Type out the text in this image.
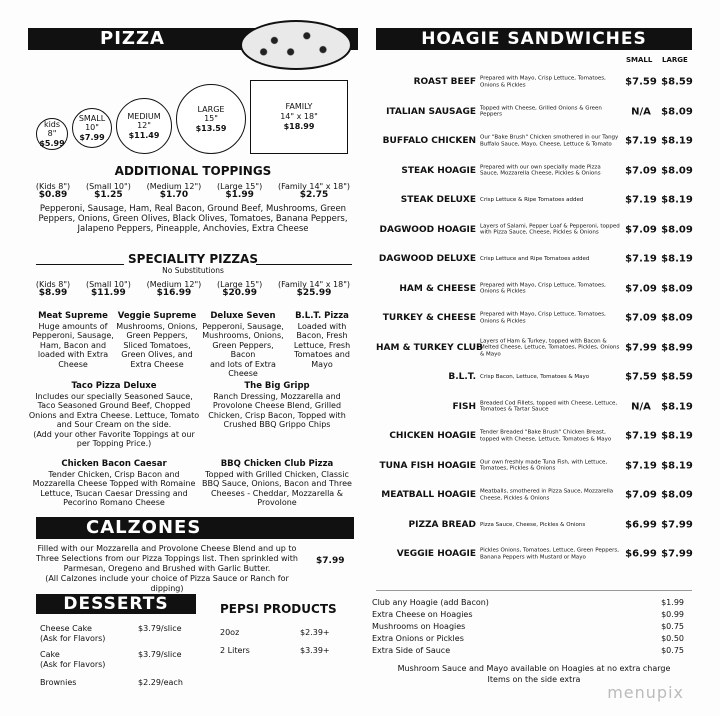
PIZZA
kids
8"
$5.99
SMALL
10"
$7.99
MEDIUM
12"
$11.49
LARGE
15"
$13.59
FAMILY
14" x 18"
$18.99
ADDITIONAL TOPPINGS
(Kids 8")
$0.89
(Small 10")
$1.25
(Medium 12")
$1.70
(Large 15")
$1.99
(Family 14" x 18")
$2.75
Pepperoni, Sausage, Ham, Real Bacon, Ground Beef, Mushrooms, Green
Peppers, Onions, Green Olives, Black Olives, Tomatoes, Banana Peppers,
Jalapeno Peppers, Pineapple, Anchovies, Extra Cheese
SPECIALITY PIZZAS
No Substitutions
(Kids 8")
$8.99
(Small 10")
$11.99
(Medium 12")
$16.99
(Large 15")
$20.99
(Family 14" x 18")
$25.99
Meat Supreme
Huge amounts of
Pepperoni, Sausage,
Ham, Bacon and
loaded with Extra
Cheese
Veggie Supreme
Mushrooms, Onions,
Green Peppers,
Sliced Tomatoes,
Green Olives, and
Extra Cheese
Deluxe Seven
Pepperoni, Sausage,
Mushrooms, Onions,
Green Peppers, Bacon
and lots of Extra
Cheese
B.L.T. Pizza
Loaded with
Bacon, Fresh
Lettuce, Fresh
Tomatoes and
Mayo
Taco Pizza Deluxe
Includes our specially Seasoned Sauce,
Taco Seasoned Ground Beef, Chopped
Onions and Extra Cheese. Lettuce, Tomato
and Sour Cream on the side.
(Add your other Favorite Toppings at our
per Topping Price.)
The Big Gripp
Ranch Dressing, Mozzarella and
Provolone Cheese Blend, Grilled
Chicken, Crisp Bacon, Topped with
Crushed BBQ Grippo Chips
Chicken Bacon Caesar
Tender Chicken, Crisp Bacon and
Mozzarella Cheese Topped with Romaine
Lettuce, Tsucan Caesar Dressing and
Pecorino Romano Cheese
BBQ Chicken Club Pizza
Topped with Grilled Chicken, Classic
BBQ Sauce, Onions, Bacon and Three
Cheeses - Cheddar, Mozzarella &
Provolone
CALZONES
Filled with our Mozzarella and Provolone Cheese Blend and up to
Three Selections from our Pizza Toppings list. Then sprinkled with
Parmesan, Oregeno and Brushed with Garlic Butter.
(All Calzones include your choice of Pizza Sauce or Ranch for dipping)
$7.99
DESSERTS
Cheese Cake
(Ask for Flavors)
$3.79/slice
Cake
(Ask for Flavors)
$3.79/slice
Brownies	$2.29/each
PEPSI PRODUCTS
20oz	$2.39+
2 Liters	$3.39+
HOAGIE SANDWICHES
SMALL LARGE
ROAST BEEF Prepared with Mayo, Crisp Lettuce, Tomatoes, Onions & Pickles	$7.59 $8.59
ITALIAN SAUSAGE Topped with Cheese, Grilled Onions & Green Peppers	N/A	$8.09
BUFFALO CHICKEN Our "Bake Brush" Chicken smothered in our Tangy Buffalo Sauce, Mayo, Cheese, Lettuce & Tomato	$7.19 $8.19
STEAK HOAGIE Prepared with our own specially made Pizza Sauce, Mozzarella Cheese, Pickles & Onions	$7.09 $8.09
STEAK DELUXE Crisp Lettuce & Ripe Tomatoes added	$7.19 $8.19
DAGWOOD HOAGIE Layers of Salami, Pepper Loaf & Pepperoni, topped with Pizza Sauce, Cheese, Pickles & Onions	$7.09 $8.09
DAGWOOD DELUXE Crisp Lettuce and Ripe Tomatoes added	$7.19 $8.19
HAM & CHEESE Prepared with Mayo, Crisp Lettuce, Tomatoes, Onions & Pickles	$7.09 $8.09
TURKEY & CHEESE Prepared with Mayo, Crisp Lettuce, Tomatoes, Onions & Pickles	$7.09 $8.09
HAM & TURKEY CLUB
Layers of Ham & Turkey, topped with Bacon & Melted Cheese, Lettuce, Tomatoes, Pickles, Onions & Mayo
$7.99 $8.99
B.L.T. Crisp Bacon, Lettuce, Tomatoes & Mayo	$7.59 $8.59
FISH Breaded Cod Fillets, topped with Cheese, Lettuce, Tomatoes & Tartar Sauce	N/A	$8.19
CHICKEN HOAGIE Tender Breaded "Bake Brush" Chicken Breast, topped with Cheese, Lettuce, Tomatoes & Mayo	$7.19 $8.19
TUNA FISH HOAGIE Our own freshly made Tuna Fish, with Lettuce, Tomatoes, Pickles & Onions	$7.19 $8.19
MEATBALL HOAGIE Meatballs, smothered in Pizza Sauce, Mozzarella Cheese, Pickles & Onions	$7.09 $8.09
PIZZA BREAD Pizza Sauce, Cheese, Pickles & Onions	$6.99 $7.99
VEGGIE HOAGIE Pickles Onions, Tomatoes, Lettuce, Green Peppers, Banana Peppers with Mustard or Mayo	$6.99 $7.99
Club any Hoagie (add Bacon)	$1.99
Extra Cheese on Hoagies	$0.99
Mushrooms on Hoagies	$0.75
Extra Onions or Pickles	$0.50
Extra Side of Sauce	$0.75
Mushroom Sauce and Mayo available on Hoagies at no extra charge
Items on the side extra
menupix
